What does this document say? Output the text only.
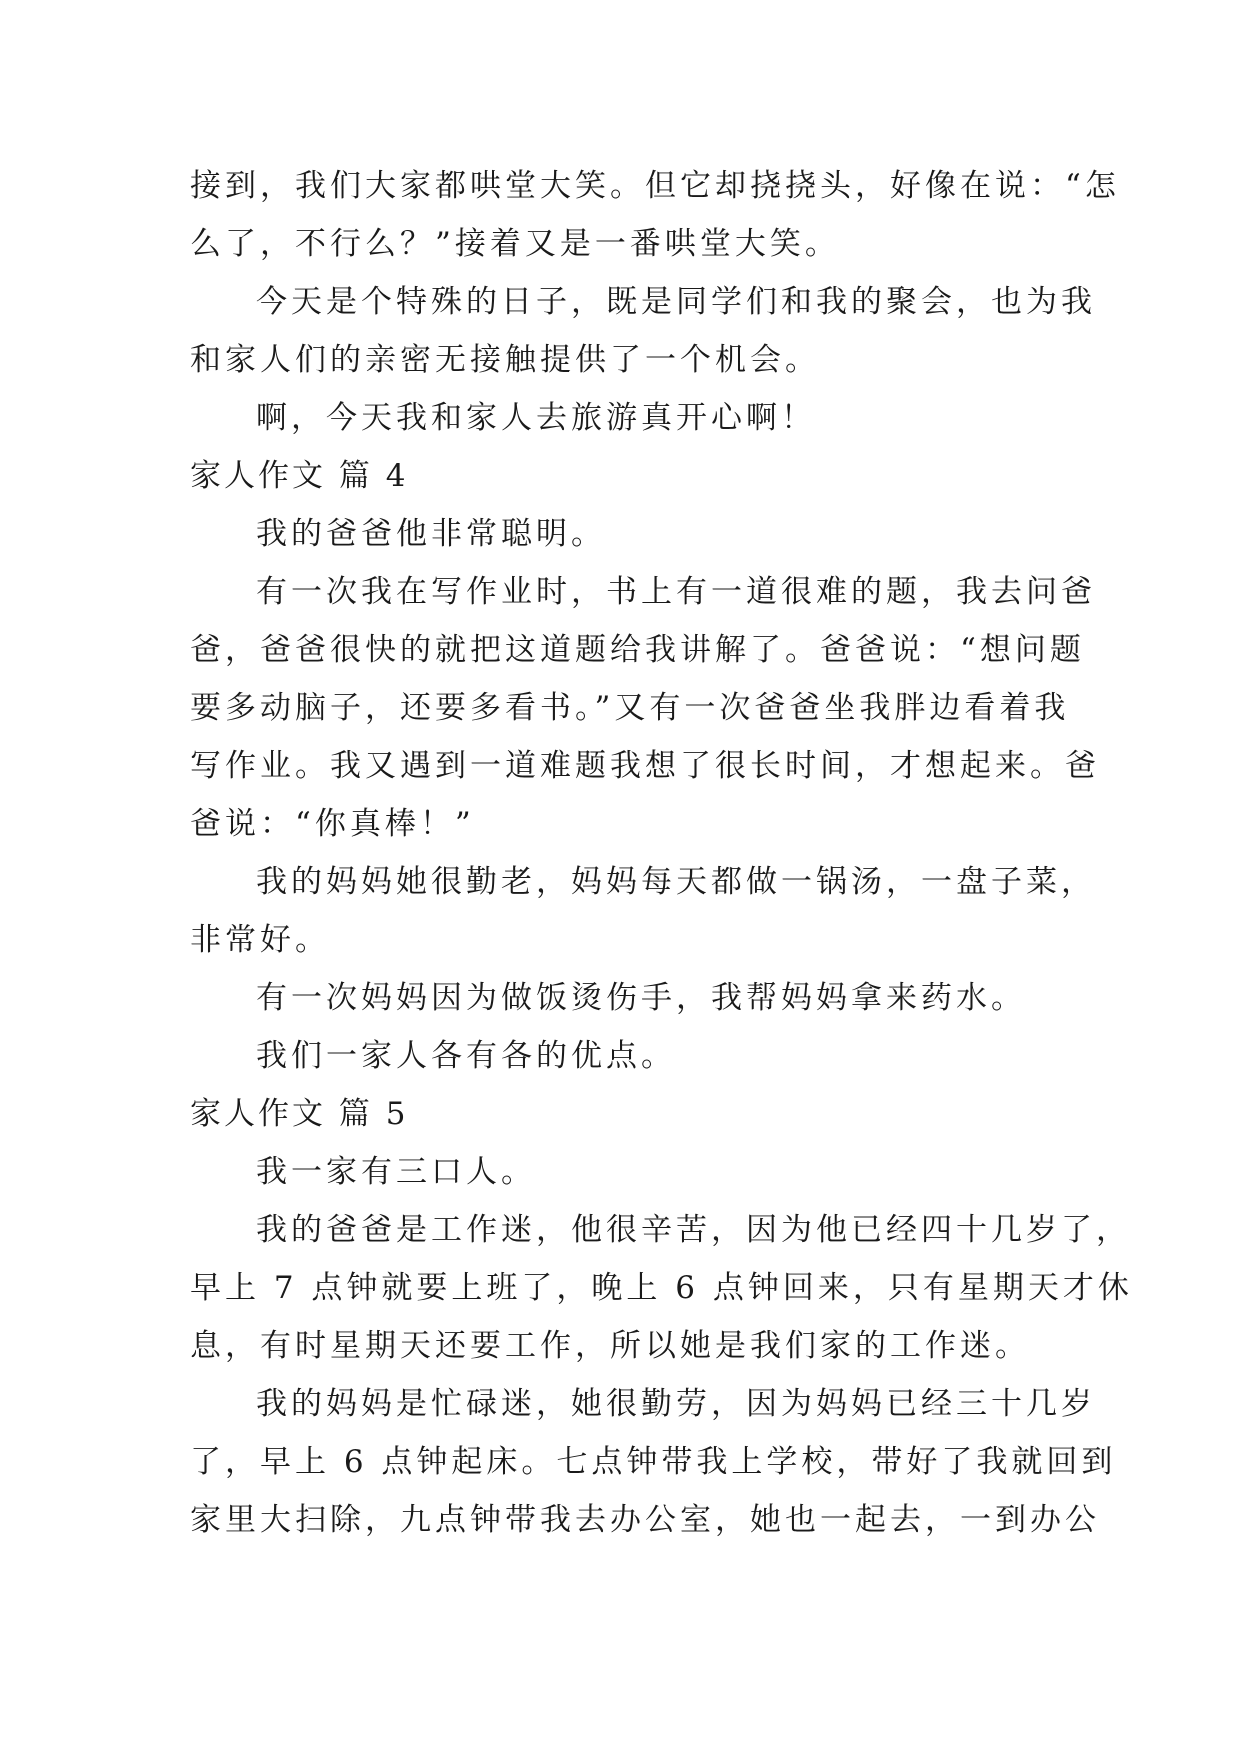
接到，我们大家都哄堂大笑。但它却挠挠头，好像在说：“怎
么了，不行么？”接着又是一番哄堂大笑。
今天是个特殊的日子，既是同学们和我的聚会，也为我
和家人们的亲密无接触提供了一个机会。
啊，今天我和家人去旅游真开心啊！
家人作文 篇 4
我的爸爸他非常聪明。
有一次我在写作业时，书上有一道很难的题，我去问爸
爸，爸爸很快的就把这道题给我讲解了。爸爸说：“想问题
要多动脑子，还要多看书。”又有一次爸爸坐我胖边看着我
写作业。我又遇到一道难题我想了很长时间，才想起来。爸
爸说：“你真棒！”
我的妈妈她很勤老，妈妈每天都做一锅汤，一盘子菜，
非常好。
有一次妈妈因为做饭烫伤手，我帮妈妈拿来药水。
我们一家人各有各的优点。
家人作文 篇 5
我一家有三口人。
我的爸爸是工作迷，他很辛苦，因为他已经四十几岁了，
早上 7 点钟就要上班了，晚上 6 点钟回来，只有星期天才休
息，有时星期天还要工作，所以她是我们家的工作迷。
我的妈妈是忙碌迷，她很勤劳，因为妈妈已经三十几岁
了，早上 6 点钟起床。七点钟带我上学校，带好了我就回到
家里大扫除，九点钟带我去办公室，她也一起去，一到办公
